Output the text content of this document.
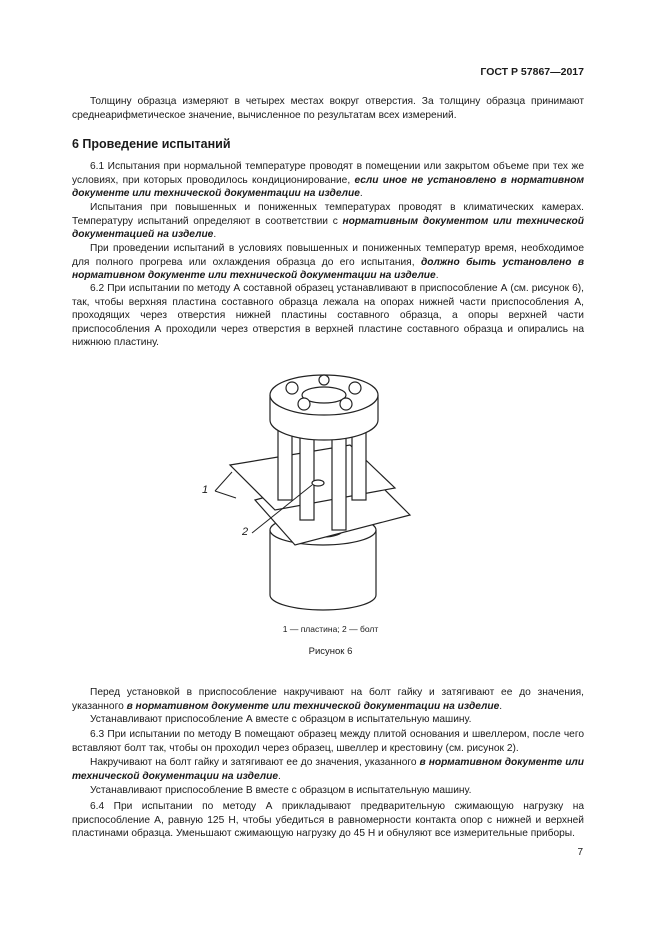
ГОСТ Р 57867—2017

Толщину образца измеряют в четырех местах вокруг отверстия. За толщину образца принимают среднеарифметическое значение, вычисленное по результатам всех измерений.

6 Проведение испытаний

6.1 Испытания при нормальной температуре проводят в помещении или закрытом объеме при тех же условиях, при которых проводилось кондиционирование, если иное не установлено в нормативном документе или технической документации на изделие.

Испытания при повышенных и пониженных температурах проводят в климатических камерах. Температуру испытаний определяют в соответствии с нормативным документом или технической документацией на изделие.

При проведении испытаний в условиях повышенных и пониженных температур время, необходимое для полного прогрева или охлаждения образца до его испытания, должно быть установлено в нормативном документе или технической документации на изделие.

6.2 При испытании по методу А составной образец устанавливают в приспособление А (см. рисунок 6), так, чтобы верхняя пластина составного образца лежала на опорах нижней части приспособления А, проходящих через отверстия нижней пластины составного образца, а опоры верхней части приспособления А проходили через отверстия в верхней пластине составного образца и опирались на нижнюю пластину.

1
2
1 — пластина; 2 — болт
Рисунок 6

Перед установкой в приспособление накручивают на болт гайку и затягивают ее до значения, указанного в нормативном документе или технической документации на изделие.

Устанавливают приспособление А вместе с образцом в испытательную машину.

6.3 При испытании по методу В помещают образец между плитой основания и швеллером, после чего вставляют болт так, чтобы он проходил через образец, швеллер и крестовину (см. рисунок 2).

Накручивают на болт гайку и затягивают ее до значения, указанного в нормативном документе или технической документации на изделие.

Устанавливают приспособление В вместе с образцом в испытательную машину.

6.4 При испытании по методу А прикладывают предварительную сжимающую нагрузку на приспособление А, равную 125 Н, чтобы убедиться в равномерности контакта опор с нижней и верхней пластинами образца. Уменьшают сжимающую нагрузку до 45 Н и обнуляют все измерительные приборы.

7
